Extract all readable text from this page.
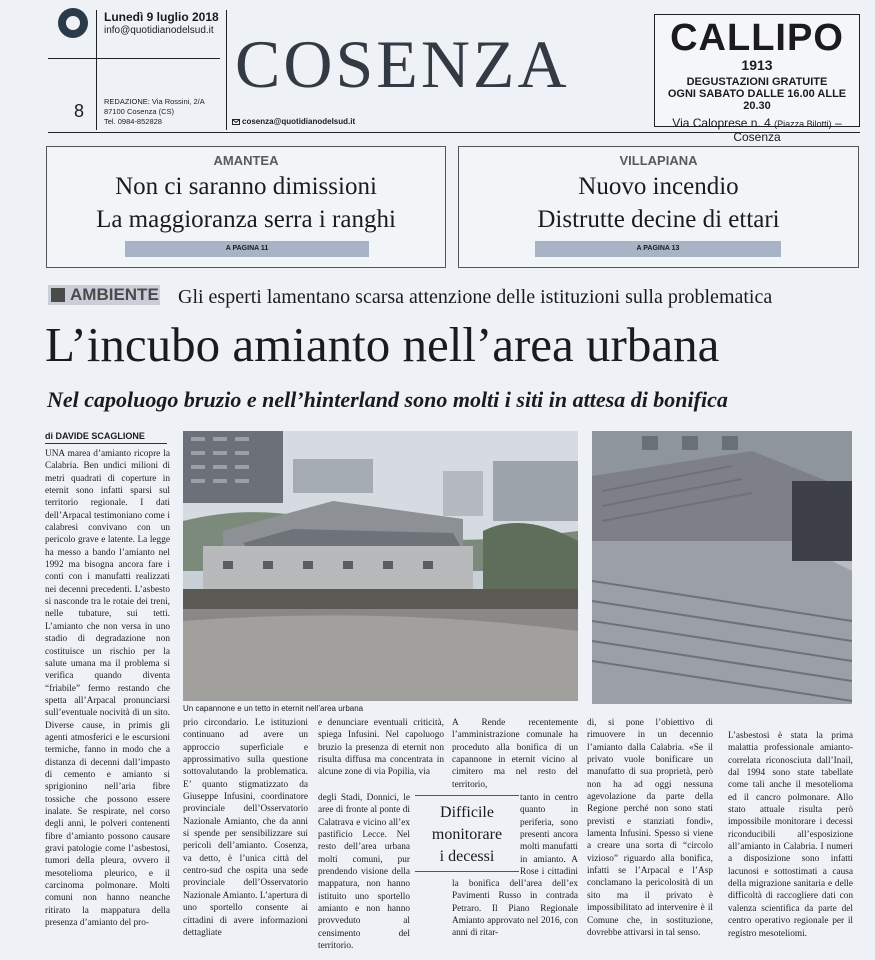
Lunedì 9 luglio 2018
info@quotidianodelsud.it
8	REDAZIONE: Via Rossini, 2/A
87100 Cosenza (CS)
Tel. 0984-852828
COSENZA
cosenza@quotidianodelsud.it
CALLIPO
1913
DEGUSTAZIONI GRATUITE
OGNI SABATO DALLE 16.00 ALLE 20.30
Via Caloprese n. 4 (Piazza Bilotti) – Cosenza
AMANTEA
Non ci saranno dimissioni
La maggioranza serra i ranghi
A PAGINA 11
VILLAPIANA
Nuovo incendio
Distrutte decine di ettari
A PAGINA 13
AMBIENTE Gli esperti lamentano scarsa attenzione delle istituzioni sulla problematica
L’incubo amianto nell’area urbana
Nel capoluogo bruzio e nell’hinterland sono molti i siti in attesa di bonifica
di DAVIDE SCAGLIONE
Un capannone e un tetto in eternit nell’area urbana

UNA marea d’amianto ricopre la Calabria. Ben undici milioni di metri quadrati di coperture in eternit sono infatti sparsi sul territorio regionale. I dati dell’Arpacal testimoniano come i calabresi convivano con un pericolo grave e latente. La legge ha messo a bando l’amianto nel 1992 ma bisogna ancora fare i conti con i manufatti realizzati nei decenni precedenti. L’asbesto si nasconde tra le rotaie dei treni, nelle tubature, sui tetti. L’amianto che non versa in uno stadio di degradazione non costituisce un rischio per la salute umana ma il problema si verifica quando diventa “friabile” fermo restando che spetta all’Arpacal pronunciarsi sull’eventuale nocività di un sito. Diverse cause, in primis gli agenti atmosferici e le escursioni termiche, fanno in modo che a distanza di decenni dall’impasto di cemento e amianto si sprigionino nell’aria fibre tossiche che possono essere inalate. Se respirate, nel corso degli anni, le polveri contenenti fibre d’amianto possono causare gravi patologie come l’asbestosi, tumori della pleura, ovvero il mesotelioma pleurico, e il carcinoma polmonare. Molti comuni non hanno neanche ritirato la mappatura della presenza d’amianto del pro-

prio circondario. Le istituzioni continuano ad avere un approccio superficiale e approssimativo sulla questione sottovalutando la problematica. E’ quanto stigmatizzato da Giuseppe Infusini, coordinatore provinciale dell’Osservatorio Nazionale Amianto, che da anni si spende per sensibilizzare sui pericoli dell’amianto. Cosenza, va detto, è l’unica città del centro-sud che ospita una sede provinciale dell’Osservatorio Nazionale Amianto. L’apertura di uno sportello consente ai cittadini di avere informazioni dettagliate

e denunciare eventuali criticità, spiega Infusini. Nel capoluogo bruzio la presenza di eternit non risulta diffusa ma concentrata in alcune zone di via Popilia, via

degli Stadi, Donnici, le aree di fronte al ponte di Calatrava e vicino all’ex pastificio Lecce. Nel resto dell’area urbana molti comuni, pur prendendo visione della mappatura, non hanno istituito uno sportello amianto e non hanno provveduto al censimento del territorio.

A Rende recentemente l’amministrazione comunale ha proceduto alla bonifica di un capannone in eternit vicino al cimitero ma nel resto del territorio,

tanto in centro quanto in periferia, sono presenti ancora molti manufatti in amianto. A Rose i cittadini

la bonifica dell’area dell’ex Pavimenti Russo in contrada Petraro. Il Piano Regionale Amianto approvato nel 2016, con anni di ritar-

Difficile
monitorare
i decessi

di, si pone l’obiettivo di rimuovere in un decennio l’amianto dalla Calabria. «Se il privato vuole bonificare un manufatto di sua proprietà, però non ha ad oggi nessuna agevolazione da parte della Regione perché non sono stati previsti e stanziati fondi», lamenta Infusini. Spesso si viene a creare una sorta di “circolo vizioso” riguardo alla bonifica, infatti se l’Arpacal e l’Asp conclamano la pericolosità di un sito ma il privato è impossibilitato ad intervenire è il Comune che, in sostituzione, dovrebbe attivarsi in tal senso.

L’asbestosi è stata la prima malattia professionale amianto-correlata riconosciuta dall’Inail, dal 1994 sono state tabellate come tali anche il mesotelioma ed il cancro polmonare. Allo stato attuale risulta però impossibile monitorare i decessi riconducibili all’esposizione all’amianto in Calabria. I numeri a disposizione sono infatti lacunosi e sottostimati a causa della migrazione sanitaria e delle difficoltà di raccogliere dati con valenza scientifica da parte del centro operativo regionale per il registro mesoteliomi.
